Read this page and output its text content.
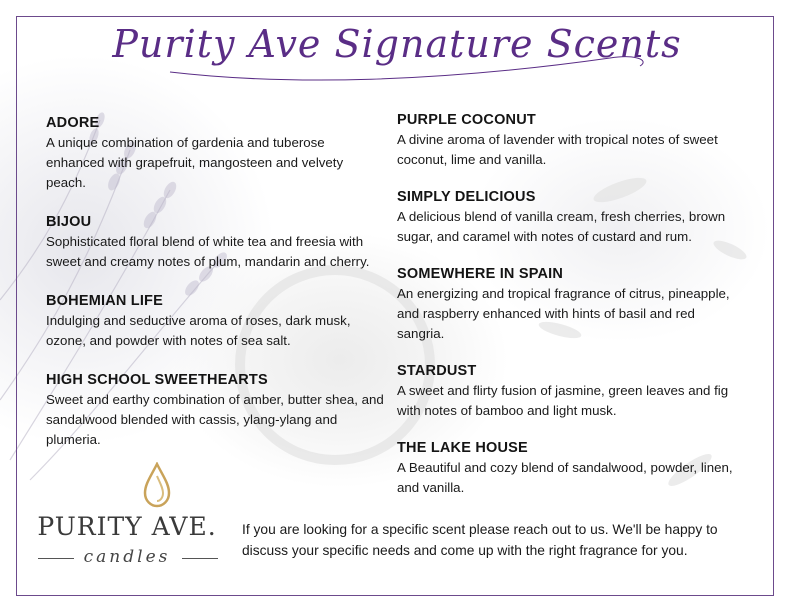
Purity Ave Signature Scents
ADORE
A unique combination of gardenia and tuberose enhanced with grapefruit, mangosteen and velvety peach.
BIJOU
Sophisticated floral blend of white tea and freesia with sweet and creamy notes of plum, mandarin and cherry.
BOHEMIAN LIFE
Indulging and seductive aroma of roses, dark musk, ozone, and powder with notes of sea salt.
HIGH SCHOOL SWEETHEARTS
Sweet and earthy combination of amber, butter shea, and sandalwood blended with cassis, ylang-ylang and plumeria.
PURPLE COCONUT
A divine aroma of lavender with tropical notes of sweet coconut, lime and vanilla.
SIMPLY DELICIOUS
A delicious blend of vanilla cream, fresh cherries, brown sugar, and caramel with notes of custard and rum.
SOMEWHERE IN SPAIN
An energizing and tropical fragrance of citrus, pineapple, and raspberry enhanced with hints of basil and red sangria.
STARDUST
A sweet and flirty fusion of jasmine, green leaves and fig with notes of bamboo and light musk.
THE LAKE HOUSE
A Beautiful and cozy blend of sandalwood, powder, linen, and vanilla.
PURITY AVE.
candles
If you are looking for a specific scent please reach out to us. We'll be happy to discuss your specific needs and come up with the right fragrance for you.
